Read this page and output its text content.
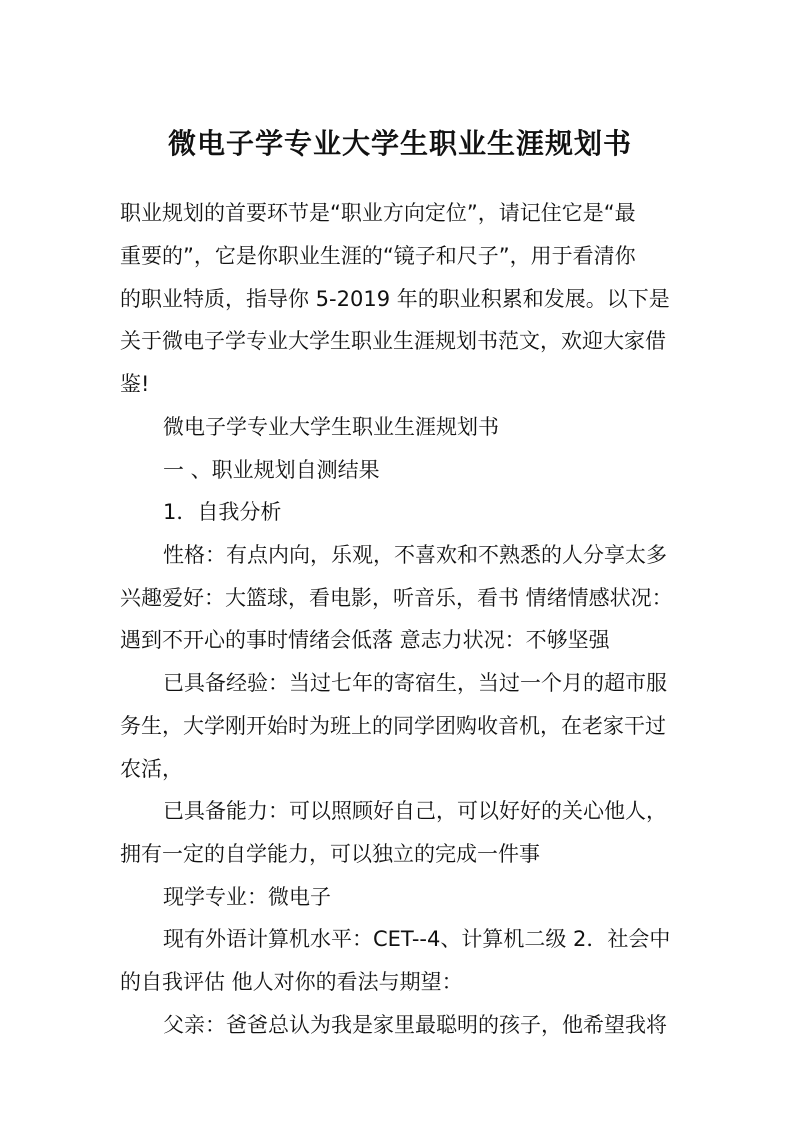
微电子学专业大学生职业生涯规划书
职业规划的首要环节是“职业方向定位”，请记住它是“最
重要的”，它是你职业生涯的“镜子和尺子”，用于看清你
的职业特质，指导你 5-2019 年的职业积累和发展。以下是
关于微电子学专业大学生职业生涯规划书范文，欢迎大家借
鉴!
微电子学专业大学生职业生涯规划书
一 、职业规划自测结果
1．自我分析
性格：有点内向，乐观，不喜欢和不熟悉的人分享太多
兴趣爱好：大篮球，看电影，听音乐，看书 情绪情感状况：
遇到不开心的事时情绪会低落 意志力状况：不够坚强
已具备经验：当过七年的寄宿生，当过一个月的超市服
务生，大学刚开始时为班上的同学团购收音机，在老家干过
农活，
已具备能力：可以照顾好自己，可以好好的关心他人，
拥有一定的自学能力，可以独立的完成一件事
现学专业：微电子
现有外语计算机水平：CET--4、计算机二级 2．社会中
的自我评估 他人对你的看法与期望：
父亲：爸爸总认为我是家里最聪明的孩子，他希望我将
